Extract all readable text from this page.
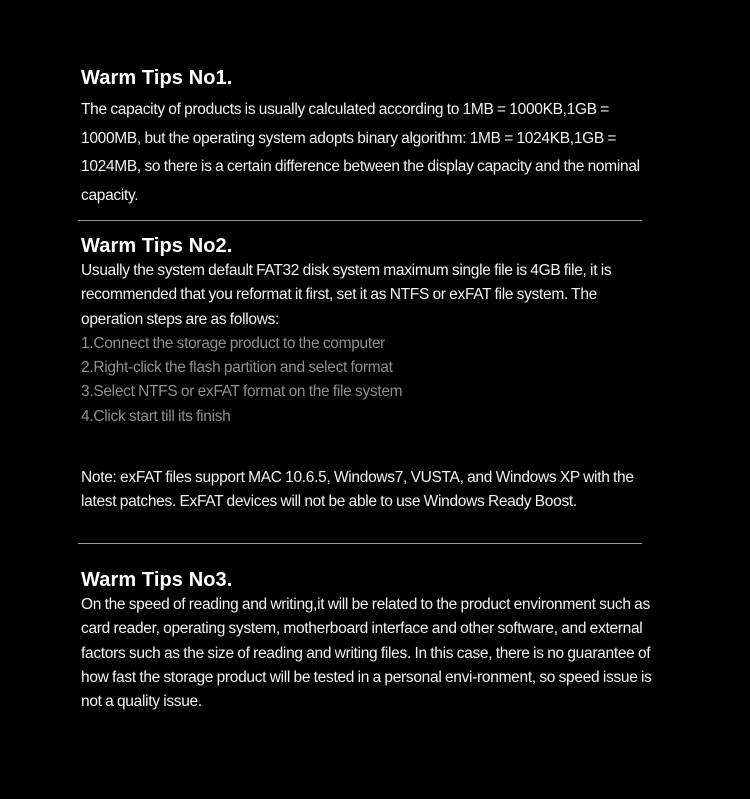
Warm Tips No1.

The capacity of products is usually calculated according to 1MB = 1000KB,1GB = 1000MB, but the operating system adopts binary algorithm: 1MB = 1024KB,1GB = 1024MB, so there is a certain difference between the display capacity and the nominal capacity.

Warm Tips No2.

Usually the system default FAT32 disk system maximum single file is 4GB file, it is recommended that you reformat it first, set it as NTFS or exFAT file system. The operation steps are as follows:

1.Connect the storage product to the computer
2.Right-click the flash partition and select format
3.Select NTFS or exFAT format on the file system
4.Click start till its finish

Note: exFAT files support MAC 10.6.5, Windows7, VUSTA, and Windows XP with the latest patches. ExFAT devices will not be able to use Windows Ready Boost.

Warm Tips No3.

On the speed of reading and writing,it will be related to the product environment such as card reader, operating system, motherboard interface and other software, and external factors such as the size of reading and writing files. In this case, there is no guarantee of how fast the storage product will be tested in a personal envi-ronment, so speed issue is not a quality issue.
